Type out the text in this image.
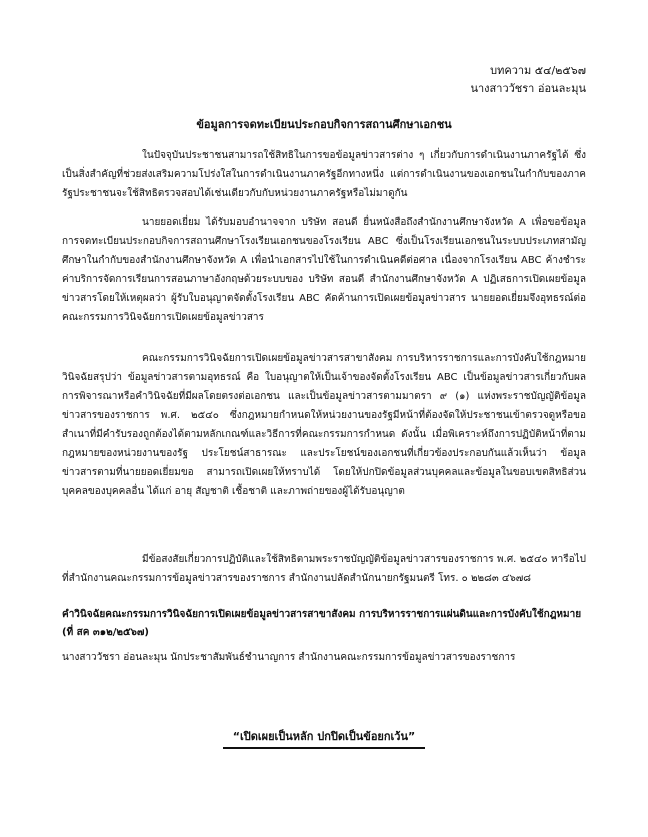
บทความ ๕๔/๒๕๖๗
นางสาววัชรา อ่อนละมุน
ข้อมูลการจดทะเบียนประกอบกิจการสถานศึกษาเอกชน

ในปัจจุบันประชาชนสามารถใช้สิทธิในการขอข้อมูลข่าวสารต่าง ๆ เกี่ยวกับการดำเนินงานภาครัฐได้ ซึ่งเป็นสิ่งสำคัญที่ช่วยส่งเสริมความโปร่งใสในการดำเนินงานภาครัฐอีกทางหนึ่ง แต่การดำเนินงานของเอกชนในกำกับของภาครัฐประชาชนจะใช้สิทธิตรวจสอบได้เช่นเดียวกับกับหน่วยงานภาครัฐหรือไม่มาดูกัน

นายยอดเยี่ยม ได้รับมอบอำนาจจาก บริษัท สอนดี ยื่นหนังสือถึงสำนักงานศึกษาจังหวัด A เพื่อขอข้อมูลการจดทะเบียนประกอบกิจการสถานศึกษาโรงเรียนเอกชนของโรงเรียน ABC ซึ่งเป็นโรงเรียนเอกชนในระบบประเภทสามัญศึกษาในกำกับของสำนักงานศึกษาจังหวัด A เพื่อนำเอกสารไปใช้ในการดำเนินคดีต่อศาล เนื่องจากโรงเรียน ABC ค้างชำระค่าบริการจัดการเรียนการสอนภาษาอังกฤษด้วยระบบของ บริษัท สอนดี สำนักงานศึกษาจังหวัด A ปฏิเสธการเปิดเผยข้อมูลข่าวสารโดยให้เหตุผลว่า ผู้รับใบอนุญาตจัดตั้งโรงเรียน ABC คัดค้านการเปิดเผยข้อมูลข่าวสาร นายยอดเยี่ยมจึงอุทธรณ์ต่อคณะกรรมการวินิจฉัยการเปิดเผยข้อมูลข่าวสาร

คณะกรรมการวินิจฉัยการเปิดเผยข้อมูลข่าวสารสาขาสังคม การบริหารราชการและการบังคับใช้กฎหมายวินิจฉัยสรุปว่า ข้อมูลข่าวสารตามอุทธรณ์ คือ ใบอนุญาตให้เป็นเจ้าของจัดตั้งโรงเรียน ABC เป็นข้อมูลข่าวสารเกี่ยวกับผลการพิจารณาหรือคำวินิจฉัยที่มีผลโดยตรงต่อเอกชน และเป็นข้อมูลข่าวสารตามมาตรา ๙ (๑) แห่งพระราชบัญญัติข้อมูลข่าวสารของราชการ พ.ศ. ๒๕๔๐ ซึ่งกฎหมายกำหนดให้หน่วยงานของรัฐมีหน้าที่ต้องจัดให้ประชาชนเข้าตรวจดูหรือขอสำเนาที่มีคำรับรองถูกต้องได้ตามหลักเกณฑ์และวิธีการที่คณะกรรมการกำหนด ดังนั้น เมื่อพิเคราะห์ถึงการปฏิบัติหน้าที่ตามกฎหมายของหน่วยงานของรัฐ ประโยชน์สาธารณะ และประโยชน์ของเอกชนที่เกี่ยวข้องประกอบกันแล้วเห็นว่า ข้อมูลข่าวสารตามที่นายยอดเยี่ยมขอ สามารถเปิดเผยให้ทราบได้ โดยให้ปกปิดข้อมูลส่วนบุคคลและข้อมูลในขอบเขตสิทธิส่วนบุคคลของบุคคลอื่น ได้แก่ อายุ สัญชาติ เชื้อชาติ และภาพถ่ายของผู้ได้รับอนุญาต

มีข้อสงสัยเกี่ยวการปฏิบัติและใช้สิทธิตามพระราชบัญญัติข้อมูลข่าวสารของราชการ พ.ศ. ๒๕๔๐ หารือไปที่สำนักงานคณะกรรมการข้อมูลข่าวสารของราชการ สำนักงานปลัดสำนักนายกรัฐมนตรี โทร. ๐ ๒๒๘๓ ๔๖๗๘

คำวินิจฉัยคณะกรรมการวินิจฉัยการเปิดเผยข้อมูลข่าวสารสาขาสังคม การบริหารราชการแผ่นดินและการบังคับใช้กฎหมาย (ที่ สค ๓๑๒/๒๕๖๗)
นางสาววัชรา อ่อนละมุน นักประชาสัมพันธ์ชำนาญการ สำนักงานคณะกรรมการข้อมูลข่าวสารของราชการ
“เปิดเผยเป็นหลัก ปกปิดเป็นข้อยกเว้น”
